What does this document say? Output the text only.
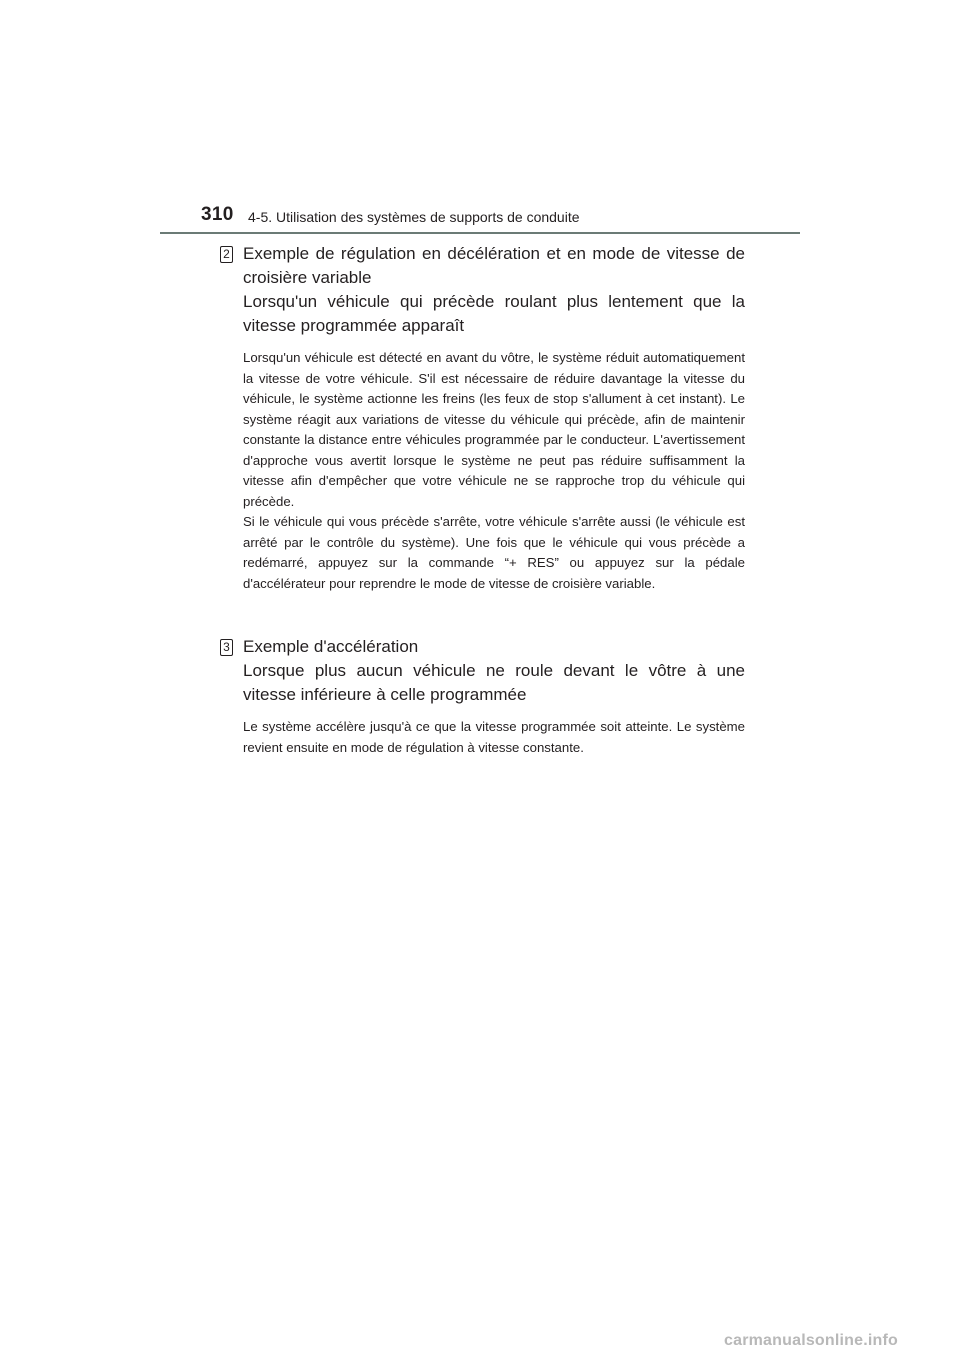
310 4-5. Utilisation des systèmes de supports de conduite
2 Exemple de régulation en décélération et en mode de vitesse de croisière variable

Lorsqu'un véhicule qui précède roulant plus lentement que la vitesse programmée apparaît

Lorsqu'un véhicule est détecté en avant du vôtre, le système réduit automatiquement la vitesse de votre véhicule. S'il est nécessaire de réduire davantage la vitesse du véhicule, le système actionne les freins (les feux de stop s'allument à cet instant). Le système réagit aux variations de vitesse du véhicule qui précède, afin de maintenir constante la distance entre véhicules programmée par le conducteur. L'avertissement d'approche vous avertit lorsque le système ne peut pas réduire suffisamment la vitesse afin d'empêcher que votre véhicule ne se rapproche trop du véhicule qui précède.

Si le véhicule qui vous précède s'arrête, votre véhicule s'arrête aussi (le véhicule est arrêté par le contrôle du système). Une fois que le véhicule qui vous précède a redémarré, appuyez sur la commande “+ RES” ou appuyez sur la pédale d'accélérateur pour reprendre le mode de vitesse de croisière variable.

3 Exemple d'accélération

Lorsque plus aucun véhicule ne roule devant le vôtre à une vitesse inférieure à celle programmée

Le système accélère jusqu'à ce que la vitesse programmée soit atteinte. Le système revient ensuite en mode de régulation à vitesse constante.

carmanualsonline.info
